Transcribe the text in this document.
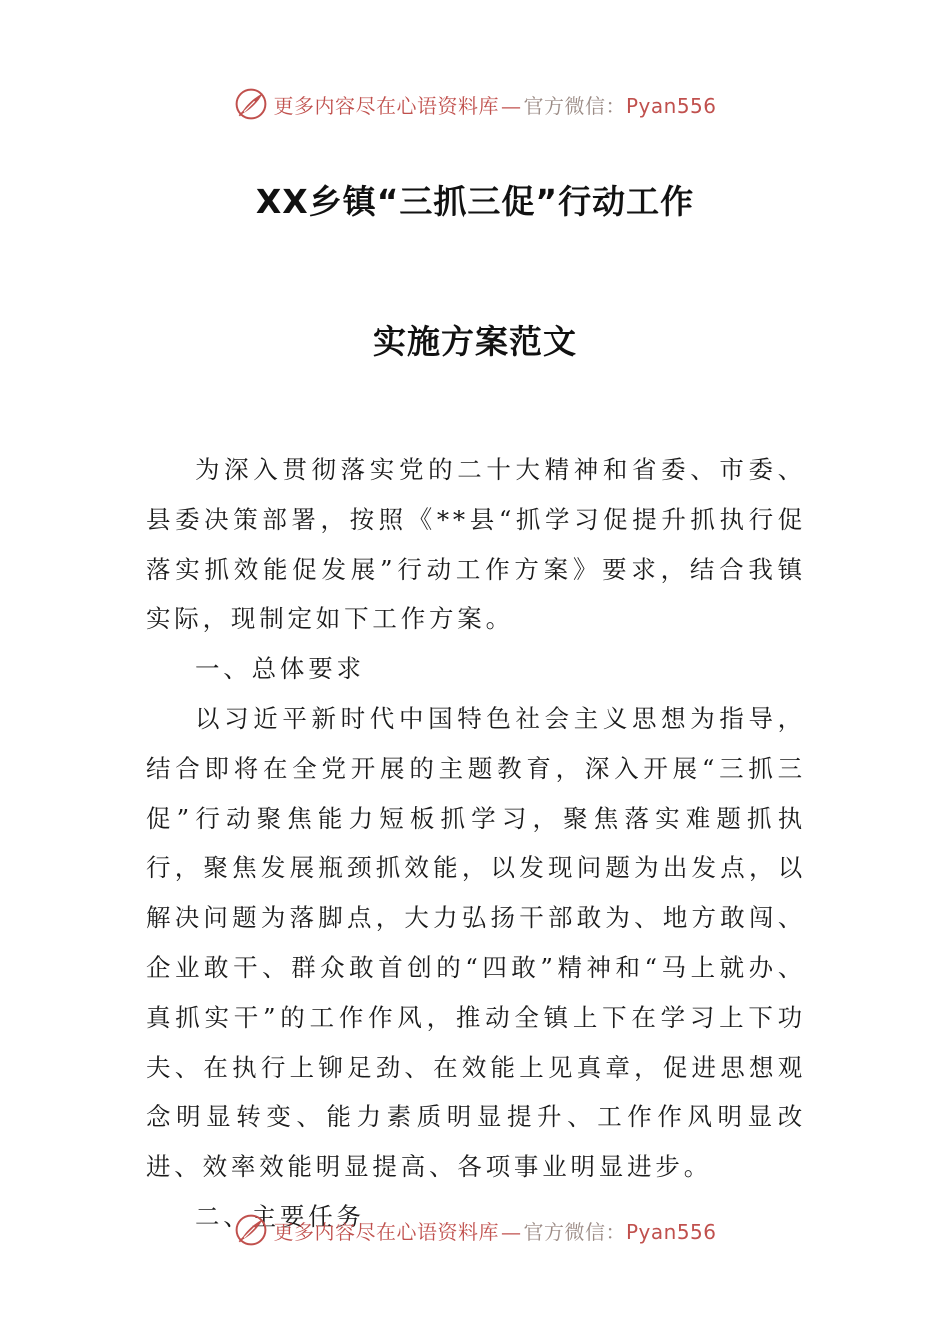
更多内容尽在心语资料库 — 官方微信：Pyan556
XX乡镇“三抓三促”行动工作
实施方案范文

为深入贯彻落实党的二十大精神和省委、市委、县委决策部署，按照《**县“抓学习促提升抓执行促落实抓效能促发展”行动工作方案》要求，结合我镇实际，现制定如下工作方案。

一、总体要求

以习近平新时代中国特色社会主义思想为指导，结合即将在全党开展的主题教育，深入开展“三抓三促”行动聚焦能力短板抓学习，聚焦落实难题抓执行，聚焦发展瓶颈抓效能，以发现问题为出发点，以解决问题为落脚点，大力弘扬干部敢为、地方敢闯、企业敢干、群众敢首创的“四敢”精神和“马上就办、真抓实干”的工作作风，推动全镇上下在学习上下功夫、在执行上铆足劲、在效能上见真章，促进思想观念明显转变、能力素质明显提升、工作作风明显改进、效率效能明显提高、各项事业明显进步。

二、主要任务

更多内容尽在心语资料库 — 官方微信：Pyan556
